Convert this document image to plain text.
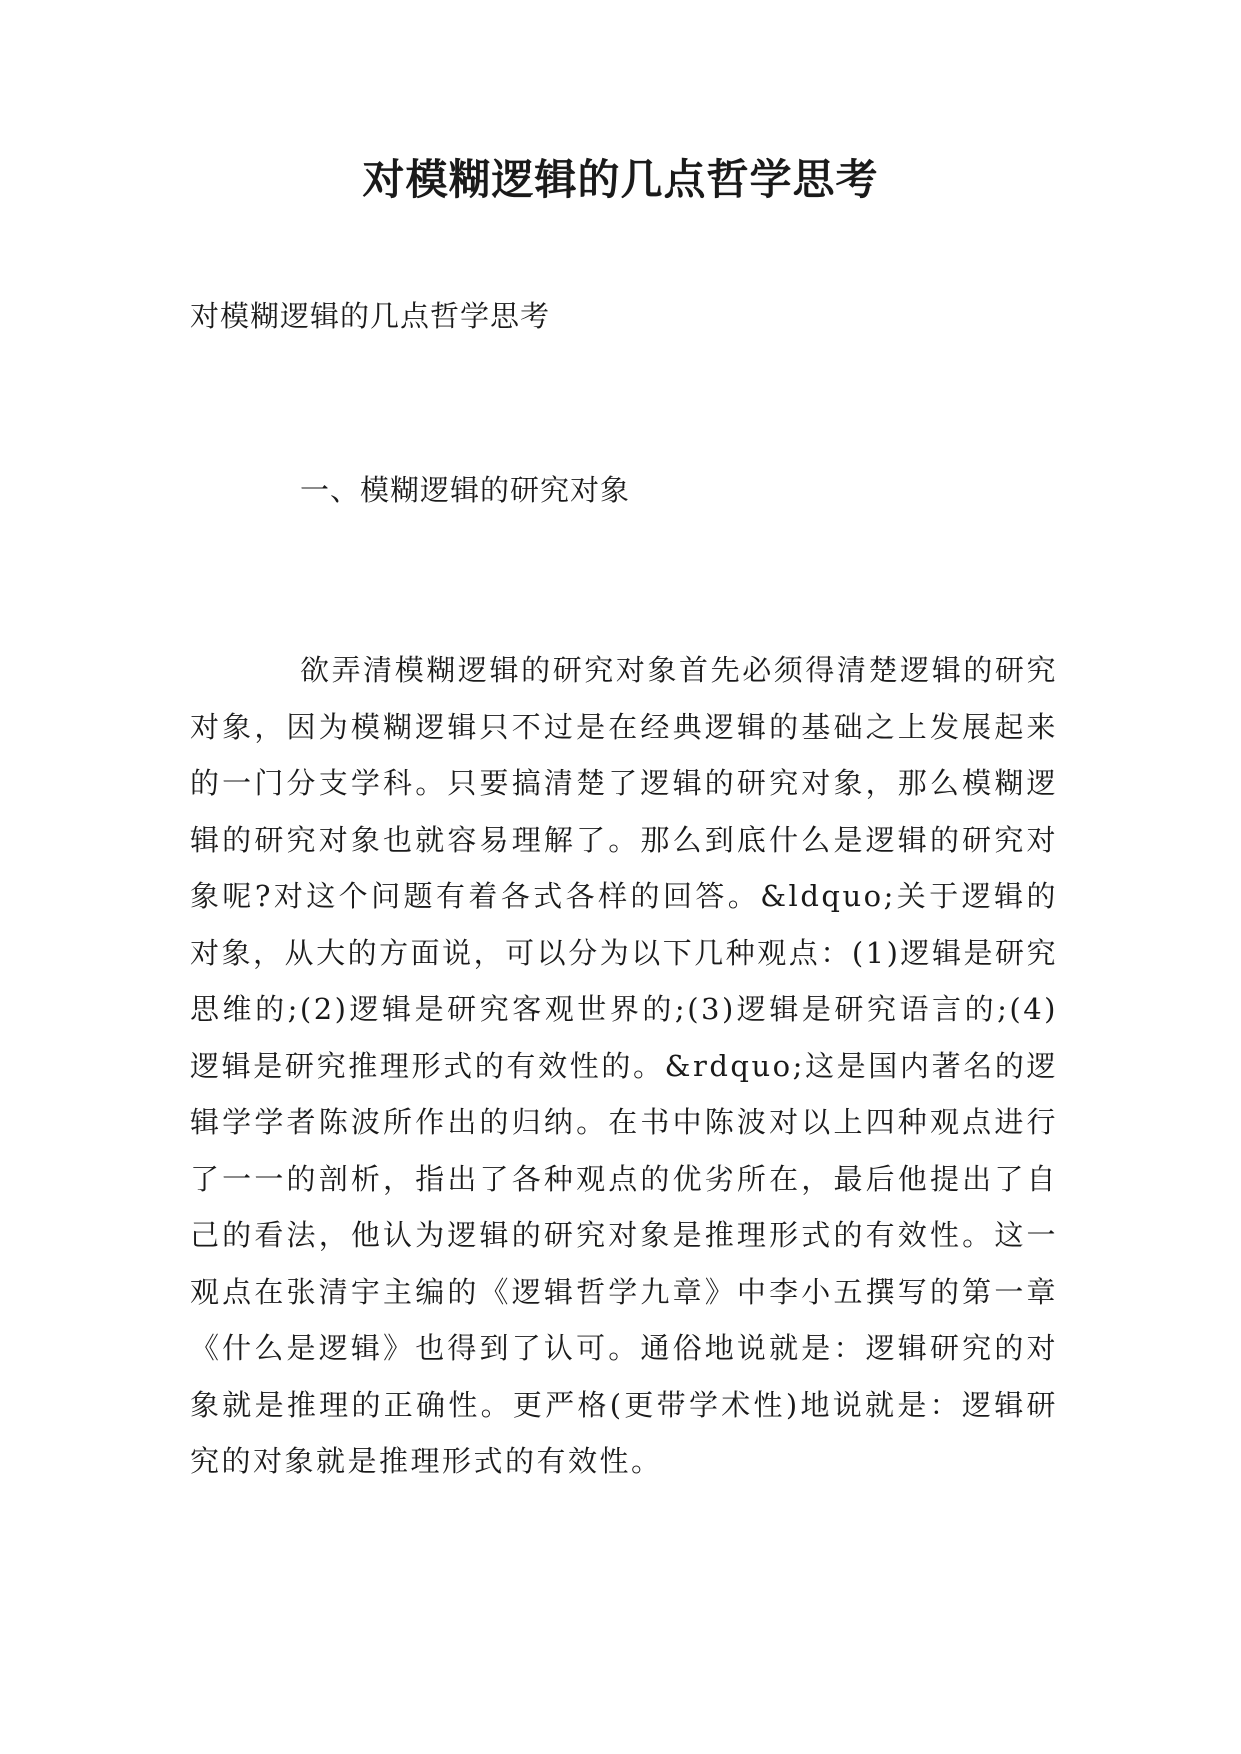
对模糊逻辑的几点哲学思考

对模糊逻辑的几点哲学思考

一、模糊逻辑的研究对象

欲弄清模糊逻辑的研究对象首先必须得清楚逻辑的研究对象，因为模糊逻辑只不过是在经典逻辑的基础之上发展起来的一门分支学科。只要搞清楚了逻辑的研究对象，那么模糊逻辑的研究对象也就容易理解了。那么到底什么是逻辑的研究对象呢?对这个问题有着各式各样的回答。&ldquo;关于逻辑的对象，从大的方面说，可以分为以下几种观点：(1)逻辑是研究思维的;(2)逻辑是研究客观世界的;(3)逻辑是研究语言的;(4)逻辑是研究推理形式的有效性的。&rdquo;这是国内著名的逻辑学学者陈波所作出的归纳。在书中陈波对以上四种观点进行了一一的剖析，指出了各种观点的优劣所在，最后他提出了自己的看法，他认为逻辑的研究对象是推理形式的有效性。这一观点在张清宇主编的《逻辑哲学九章》中李小五撰写的第一章《什么是逻辑》也得到了认可。通俗地说就是：逻辑研究的对象就是推理的正确性。更严格(更带学术性)地说就是：逻辑研究的对象就是推理形式的有效性。
